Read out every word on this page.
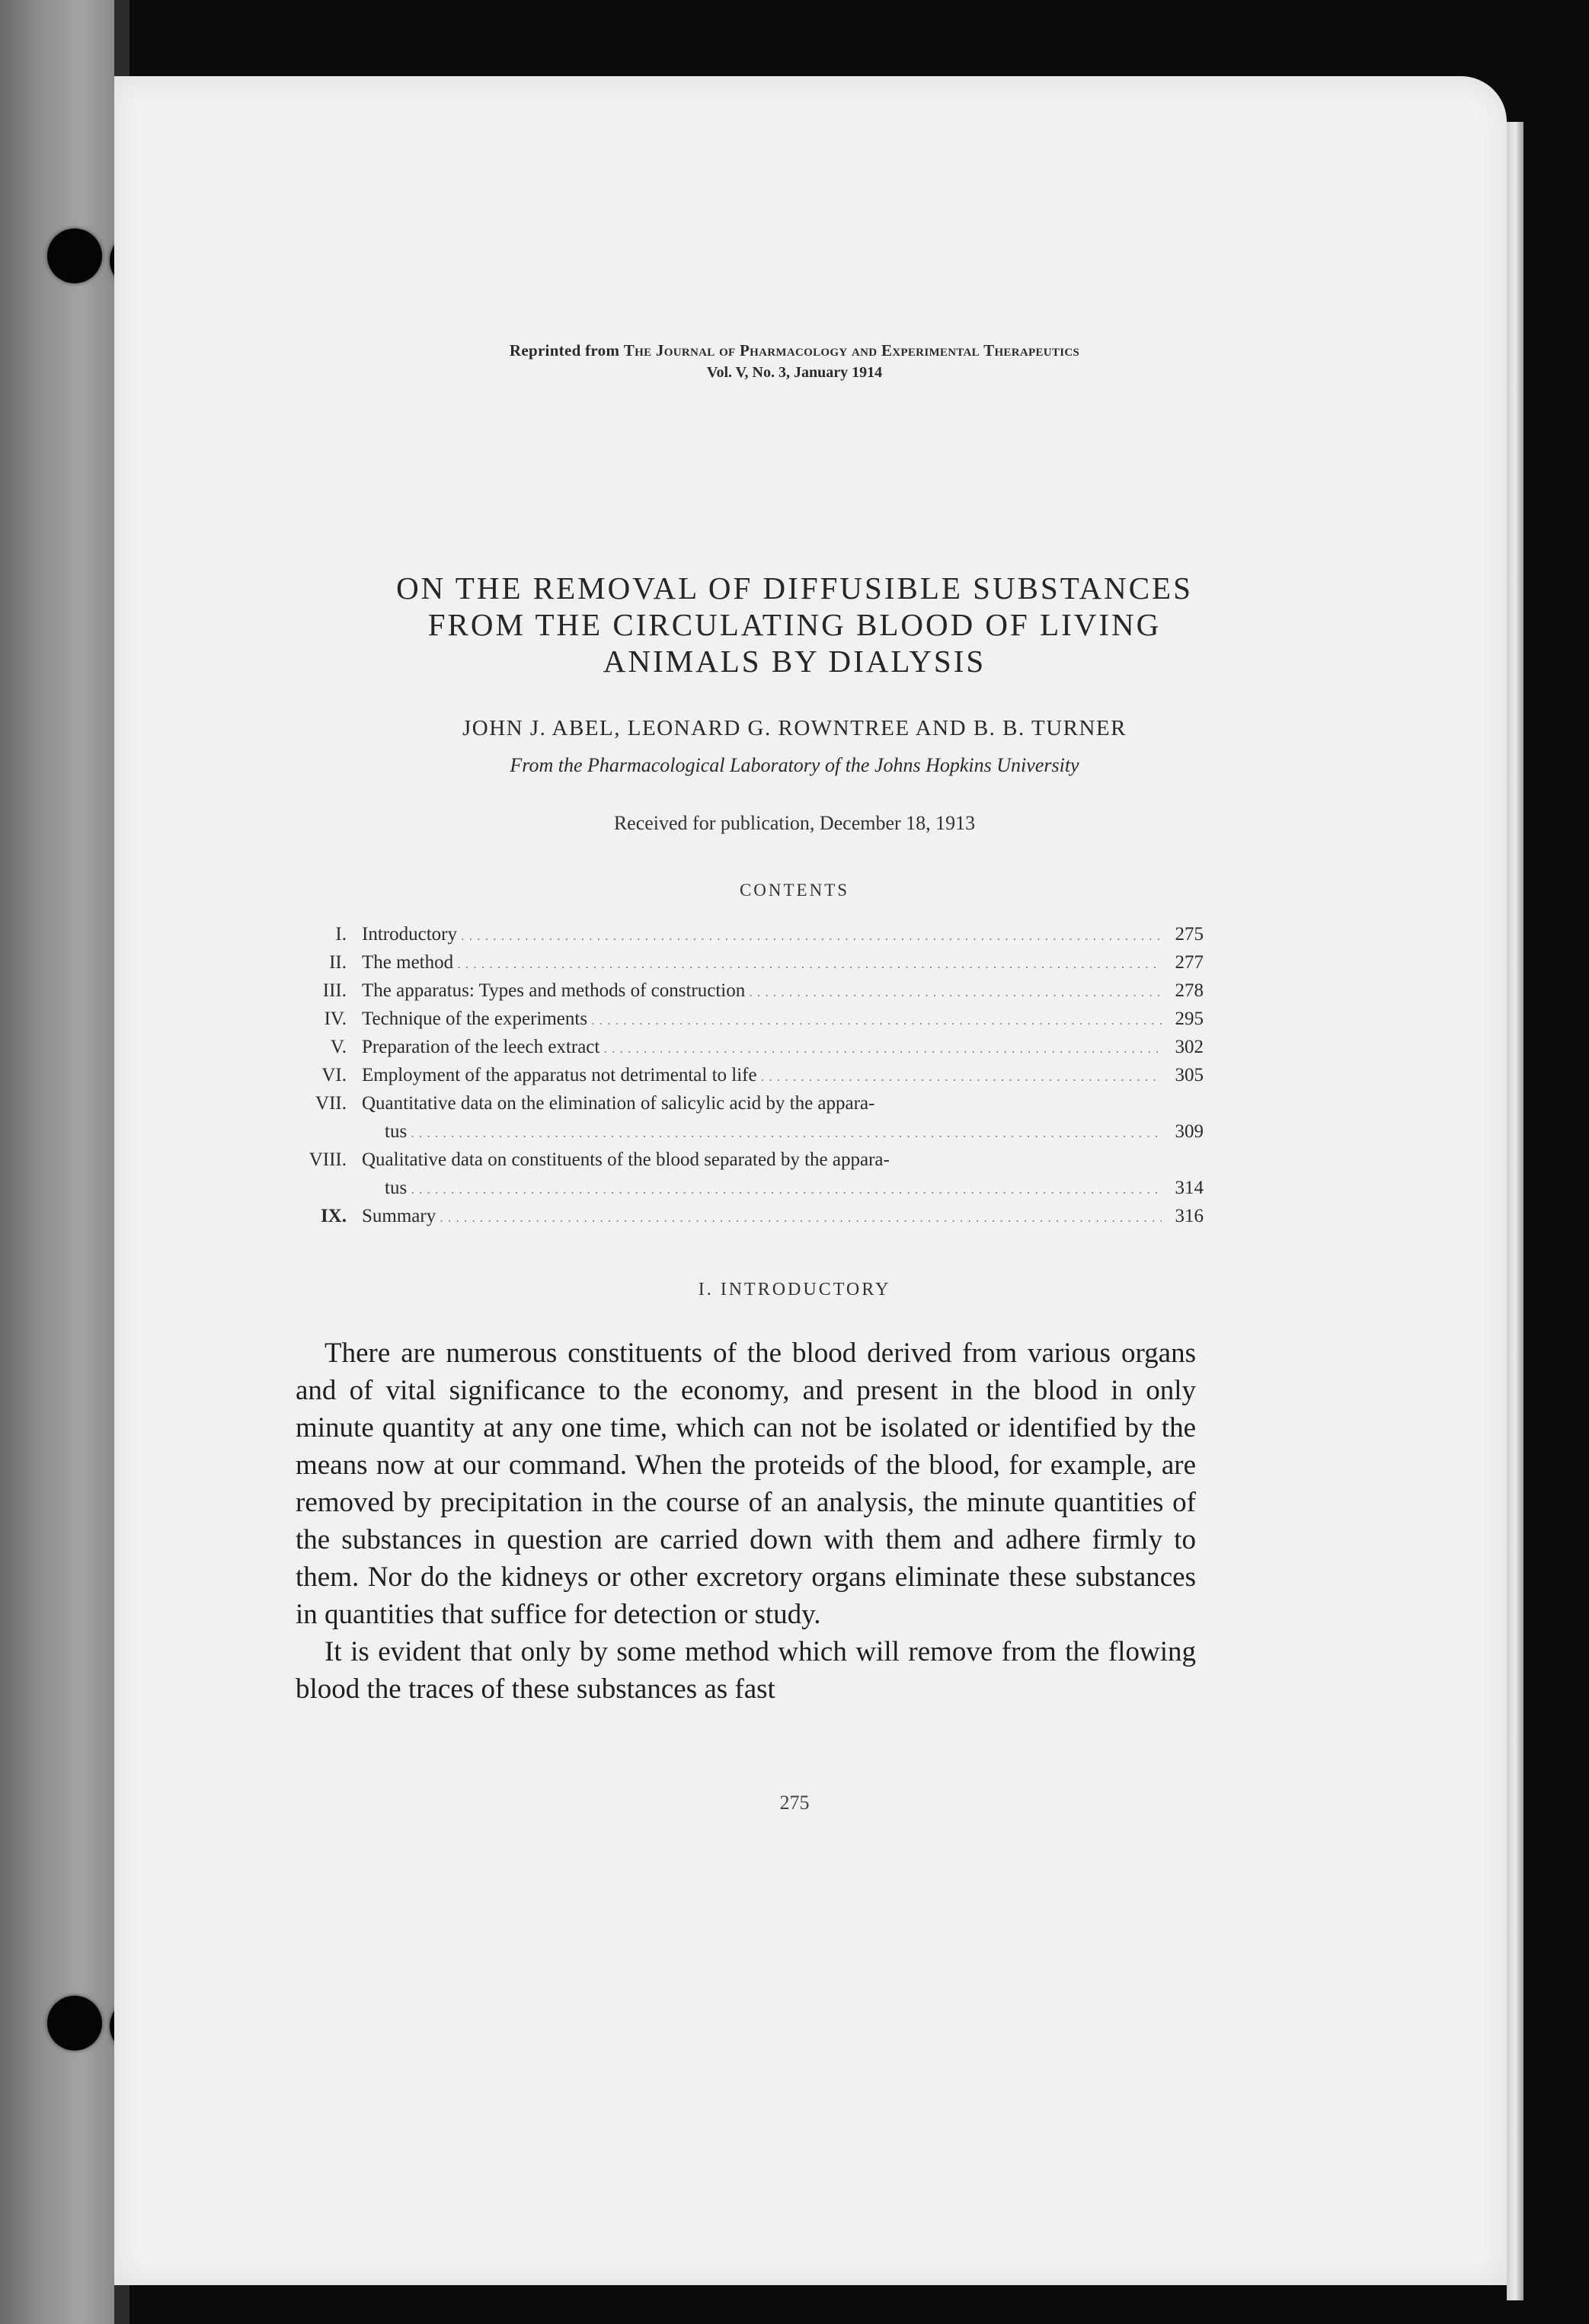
Reprinted from The Journal of Pharmacology and Experimental Therapeutics
Vol. V, No. 3, January 1914
ON THE REMOVAL OF DIFFUSIBLE SUBSTANCES
FROM THE CIRCULATING BLOOD OF LIVING
ANIMALS BY DIALYSIS
JOHN J. ABEL, LEONARD G. ROWNTREE AND B. B. TURNER
From the Pharmacological Laboratory of the Johns Hopkins University
Received for publication, December 18, 1913
CONTENTS
I. Introductory . . .	275
II. The method . . .	277
III. The apparatus: Types and methods of construction . . .	278
IV. Technique of the experiments . . .	295
V. Preparation of the leech extract . . .	302
VI. Employment of the apparatus not detrimental to life . . .	305
VII. Quantitative data on the elimination of salicylic acid by the appara-
tus . . .	309
VIII. Qualitative data on constituents of the blood separated by the appara-
tus . . .	314
IX. Summary . . .	316
I. INTRODUCTORY

There are numerous constituents of the blood derived from various organs and of vital significance to the economy, and present in the blood in only minute quantity at any one time, which can not be isolated or identified by the means now at our command. When the proteids of the blood, for example, are removed by precipitation in the course of an analysis, the minute quantities of the substances in question are carried down with them and adhere firmly to them. Nor do the kidneys or other excretory organs eliminate these substances in quantities that suffice for detection or study.

It is evident that only by some method which will remove from the flowing blood the traces of these substances as fast

275
